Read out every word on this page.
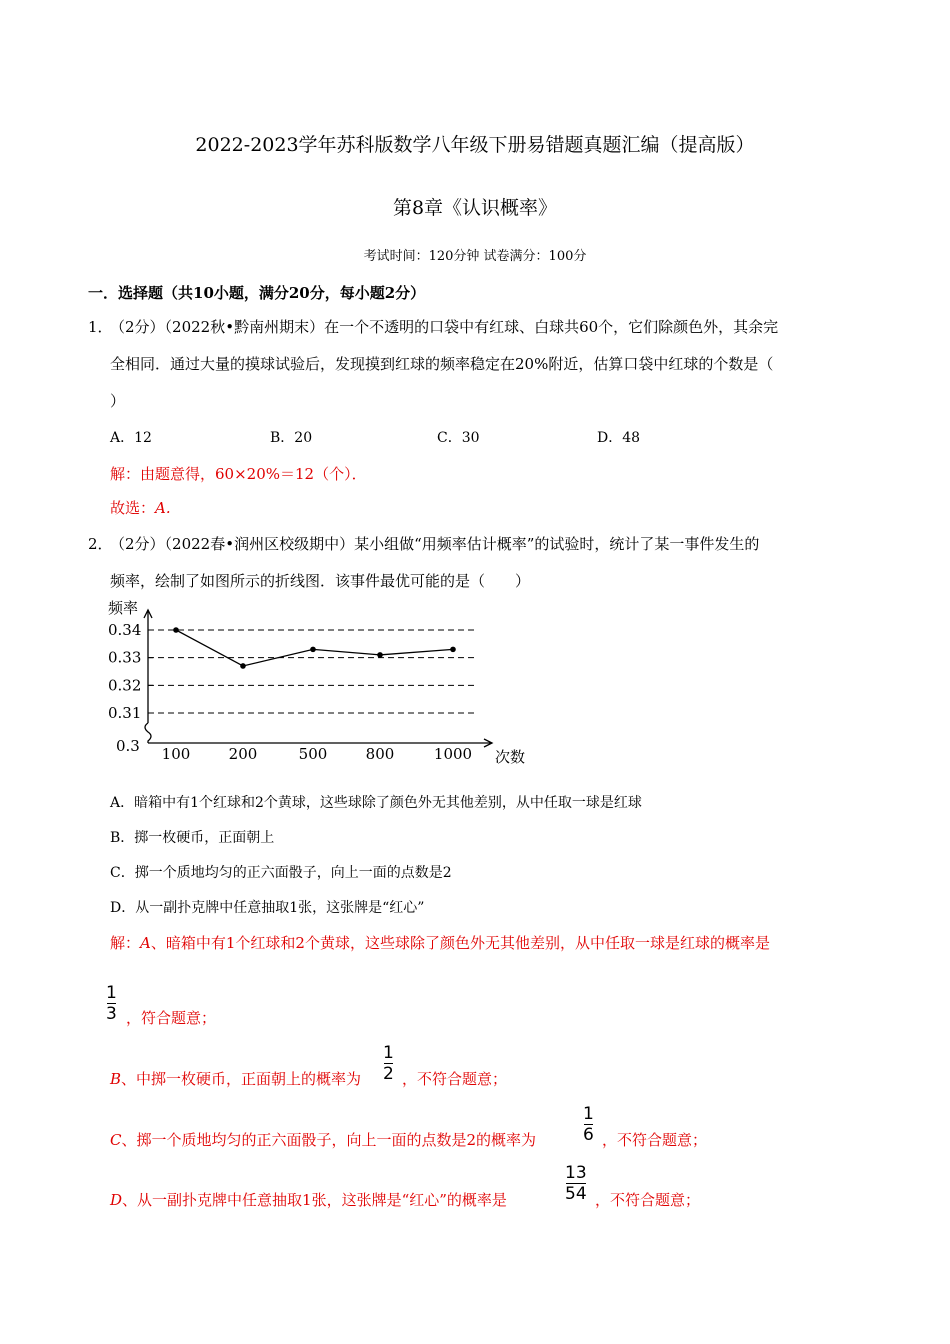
2022-2023学年苏科版数学八年级下册易错题真题汇编（提高版）
第8章《认识概率》
考试时间：120分钟 试卷满分：100分
一．选择题（共10小题，满分20分，每小题2分）
1．
（2分）（2022秋•黔南州期末）在一个不透明的口袋中有红球、白球共60个，它们除颜色外，其余完
全相同．通过大量的摸球试验后，发现摸到红球的频率稳定在20%附近，估算口袋中红球的个数是（
）
A．12	B．20	C．30	D．48
解：由题意得，60×20%＝12（个）．
故选：A.
2．
（2分）（2022春•润州区校级期中）某小组做“用频率估计概率”的试验时，统计了某一事件发生的
频率，绘制了如图所示的折线图．该事件最优可能的是（　　）
频率
次数
0.34
0.33
0.32
0.31
0.3 100	200	500	800	1000
A．暗箱中有1个红球和2个黄球，这些球除了颜色外无其他差别，从中任取一球是红球
B．掷一枚硬币，正面朝上
C．掷一个质地均匀的正六面骰子，向上一面的点数是2
D．从一副扑克牌中任意抽取1张，这张牌是“红心”
解：A、暗箱中有1个红球和2个黄球，这些球除了颜色外无其他差别，从中任取一球是红球的概率是
1
3 ，符合题意；
B、中掷一枚硬币，正面朝上的概率为
1
2 ，不符合题意；
C、掷一个质地均匀的正六面骰子，向上一面的点数是2的概率为
1
6 ，不符合题意；
D、从一副扑克牌中任意抽取1张，这张牌是“红心”的概率是
13
54 ，不符合题意；
